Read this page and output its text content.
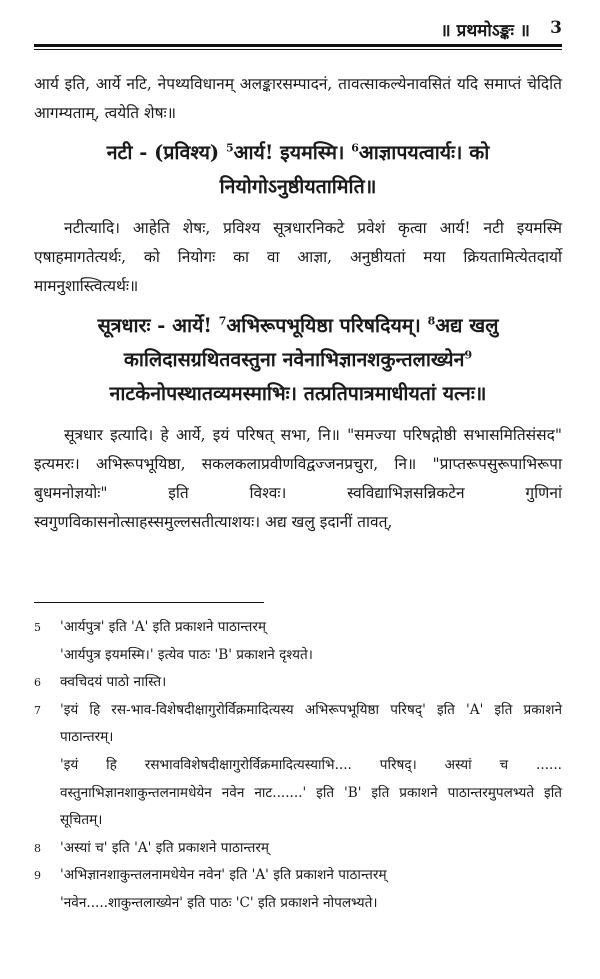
॥ प्रथमोऽङ्कः ॥ 3

आर्य इति, आर्ये नटि, नेपथ्यविधानम् अलङ्कारसम्पादनं, तावत्साकल्येनावसितं यदि समाप्तं चेदिति आगम्यताम्, त्वयेति शेषः॥

नटी - (प्रविश्य) $^5$आर्य! इयमस्मि। $^6$आज्ञापयत्वार्यः। को

नियोगोऽनुष्ठीयतामिति॥

नटीत्यादि। आहेति शेषः, प्रविश्य सूत्रधारनिकटे प्रवेशं कृत्वा आर्य! नटी इयमस्मि एषाहमागतेत्यर्थः, को नियोगः का वा आज्ञा, अनुष्ठीयतां मया क्रियतामित्येतदार्यो मामनुशास्त्वित्यर्थः॥

सूत्रधारः - आर्ये! $^7$अभिरूपभूयिष्ठा परिषदियम्। $^8$अद्य खलु

कालिदासग्रथितवस्तुना नवेनाभिज्ञानशकुन्तलाख्येन$^9$

नाटकेनोपस्थातव्यमस्माभिः। तत्प्रतिपात्रमाधीयतां यत्नः॥

सूत्रधार इत्यादि। हे आर्ये, इयं परिषत् सभा, नि॥ "समज्या परिषद्गोष्ठी सभासमितिसंसद" इत्यमरः। अभिरूपभूयिष्ठा, सकलकलाप्रवीणविद्वज्जनप्रचुरा, नि॥ "प्राप्तरूपसुरूपाभिरूपा बुधमनोज्ञयोः" इति विश्वः। स्वविद्याभिज्ञसन्निकटेन गुणिनां स्वगुणविकासनोत्साहस्समुल्लसतीत्याशयः। अद्य खलु इदानीं तावत्,

5 'आर्यपुत्र' इति 'A' इति प्रकाशने पाठान्तरम्

'आर्यपुत्र इयमस्मि।' इत्येव पाठः 'B' प्रकाशने दृश्यते।

6 क्वचिदयं पाठो नास्ति।

7 'इयं हि रस-भाव-विशेषदीक्षागुरोर्विक्रमादित्यस्य अभिरूपभूयिष्ठा परिषद्' इति 'A' इति प्रकाशने पाठान्तरम्।

'इयं हि रसभावविशेषदीक्षागुरोर्विक्रमादित्यस्याभि.... परिषद्। अस्यां च ...... वस्तुनाभिज्ञानशाकुन्तलनामधेयेन नवेन नाट.......' इति 'B' इति प्रकाशने पाठान्तरमुपलभ्यते इति सूचितम्।

8 'अस्यां च' इति 'A' इति प्रकाशने पाठान्तरम्

9 'अभिज्ञानशाकुन्तलनामधेयेन नवेन' इति 'A' इति प्रकाशने पाठान्तरम्

'नवेन.....शाकुन्तलाख्येन' इति पाठः 'C' इति प्रकाशने नोपलभ्यते।
